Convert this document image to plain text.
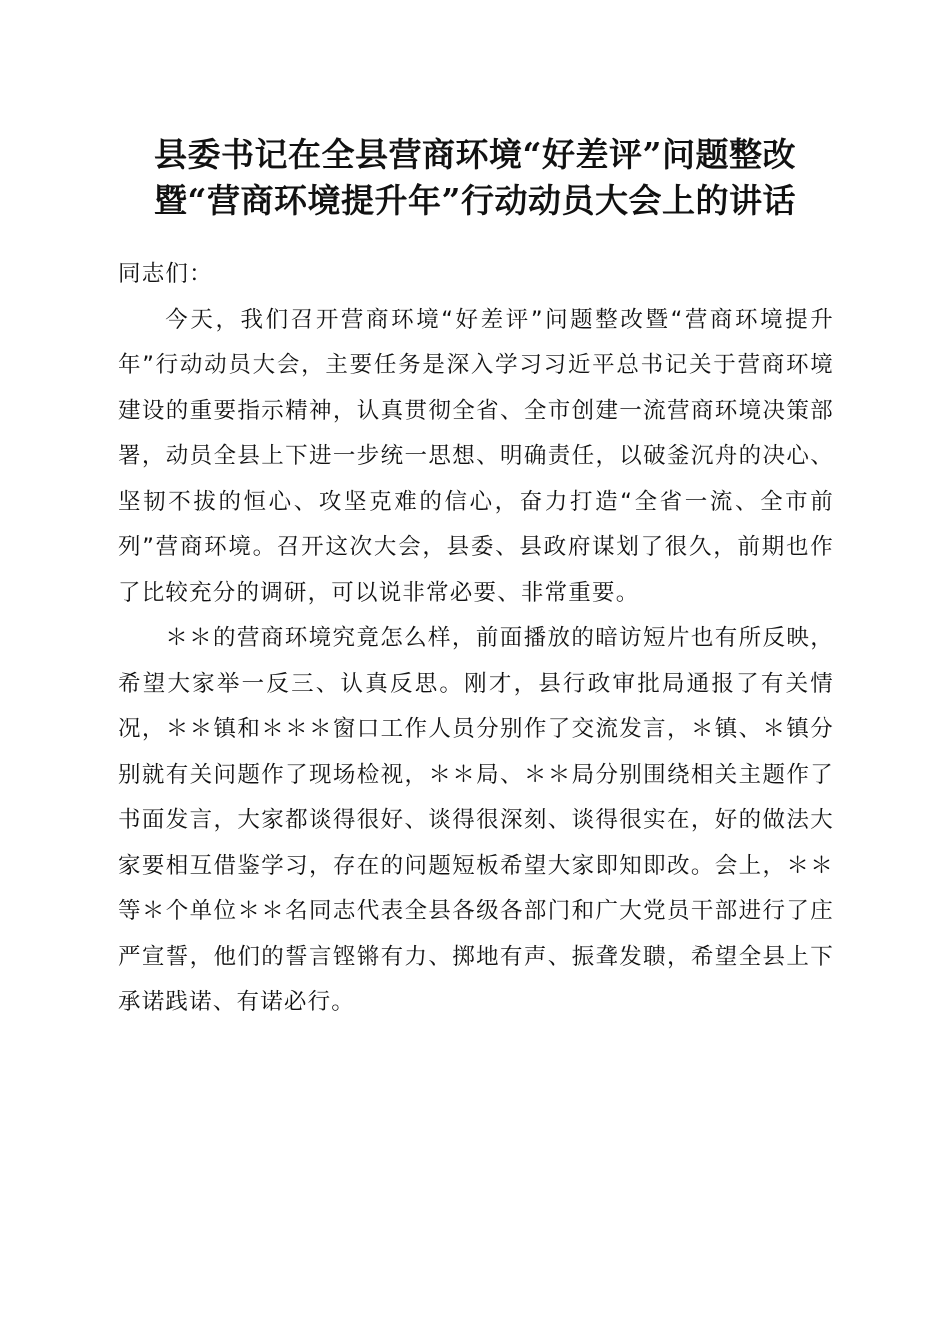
县委书记在全县营商环境“好差评”问题整改
暨“营商环境提升年”行动动员大会上的讲话

同志们：

今天，我们召开营商环境“好差评”问题整改暨“营商环境提升年”行动动员大会，主要任务是深入学习习近平总书记关于营商环境建设的重要指示精神，认真贯彻全省、全市创建一流营商环境决策部署，动员全县上下进一步统一思想、明确责任，以破釜沉舟的决心、坚韧不拔的恒心、攻坚克难的信心，奋力打造“全省一流、全市前列”营商环境。召开这次大会，县委、县政府谋划了很久，前期也作了比较充分的调研，可以说非常必要、非常重要。

＊＊的营商环境究竟怎么样，前面播放的暗访短片也有所反映，希望大家举一反三、认真反思。刚才，县行政审批局通报了有关情况，＊＊镇和＊＊＊窗口工作人员分别作了交流发言，＊镇、＊镇分别就有关问题作了现场检视，＊＊局、＊＊局分别围绕相关主题作了书面发言，大家都谈得很好、谈得很深刻、谈得很实在，好的做法大家要相互借鉴学习，存在的问题短板希望大家即知即改。会上，＊＊等＊个单位＊＊名同志代表全县各级各部门和广大党员干部进行了庄严宣誓，他们的誓言铿锵有力、掷地有声、振聋发聩，希望全县上下承诺践诺、有诺必行。
